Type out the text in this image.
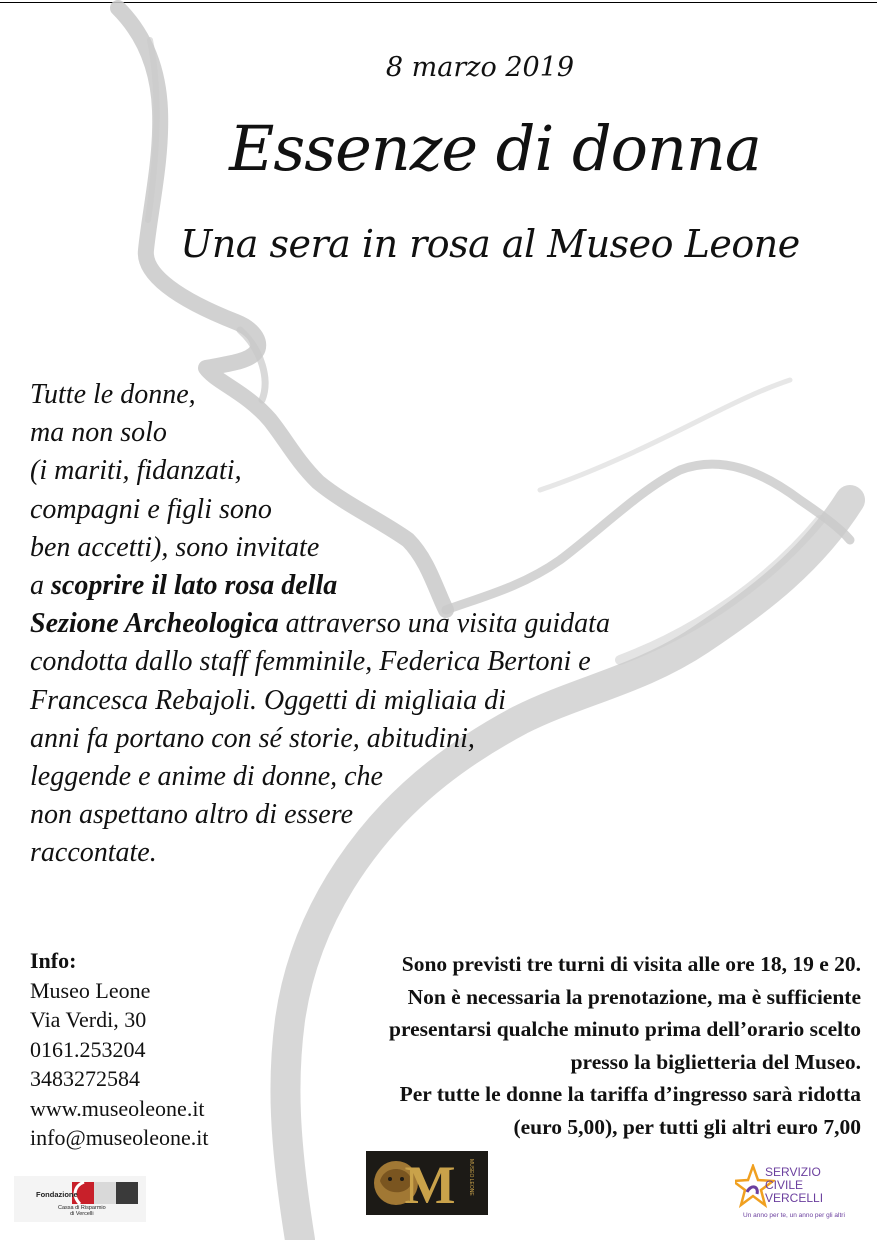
8 marzo 2019
Essenze di donna
Una sera in rosa al Museo Leone
Tutte le donne,
ma non solo
(i mariti, fidanzati,
compagni e figli sono
ben accetti), sono invitate
a scoprire il lato rosa della
Sezione Archeologica attraverso una visita guidata
condotta dallo staff femminile, Federica Bertoni e
Francesca Rebajoli. Oggetti di migliaia di
anni fa portano con sé storie, abitudini,
leggende e anime di donne, che
non aspettano altro di essere
raccontate.
Info:
Museo Leone
Via Verdi, 30
0161.253204
3483272584
www.museoleone.it
info@museoleone.it
Sono previsti tre turni di visita alle ore 18, 19 e 20.
Non è necessaria la prenotazione, ma è sufficiente
presentarsi qualche minuto prima dell’orario scelto
presso la biglietteria del Museo.
Per tutte le donne la tariffa d’ingresso sarà ridotta
(euro 5,00), per tutti gli altri euro 7,00
Fondazione
Cassa di Risparmio
di Vercelli	M	MUSEO LEONE	SERVIZIO
CIVILE
VERCELLI
Un anno per te, un anno per gli altri
